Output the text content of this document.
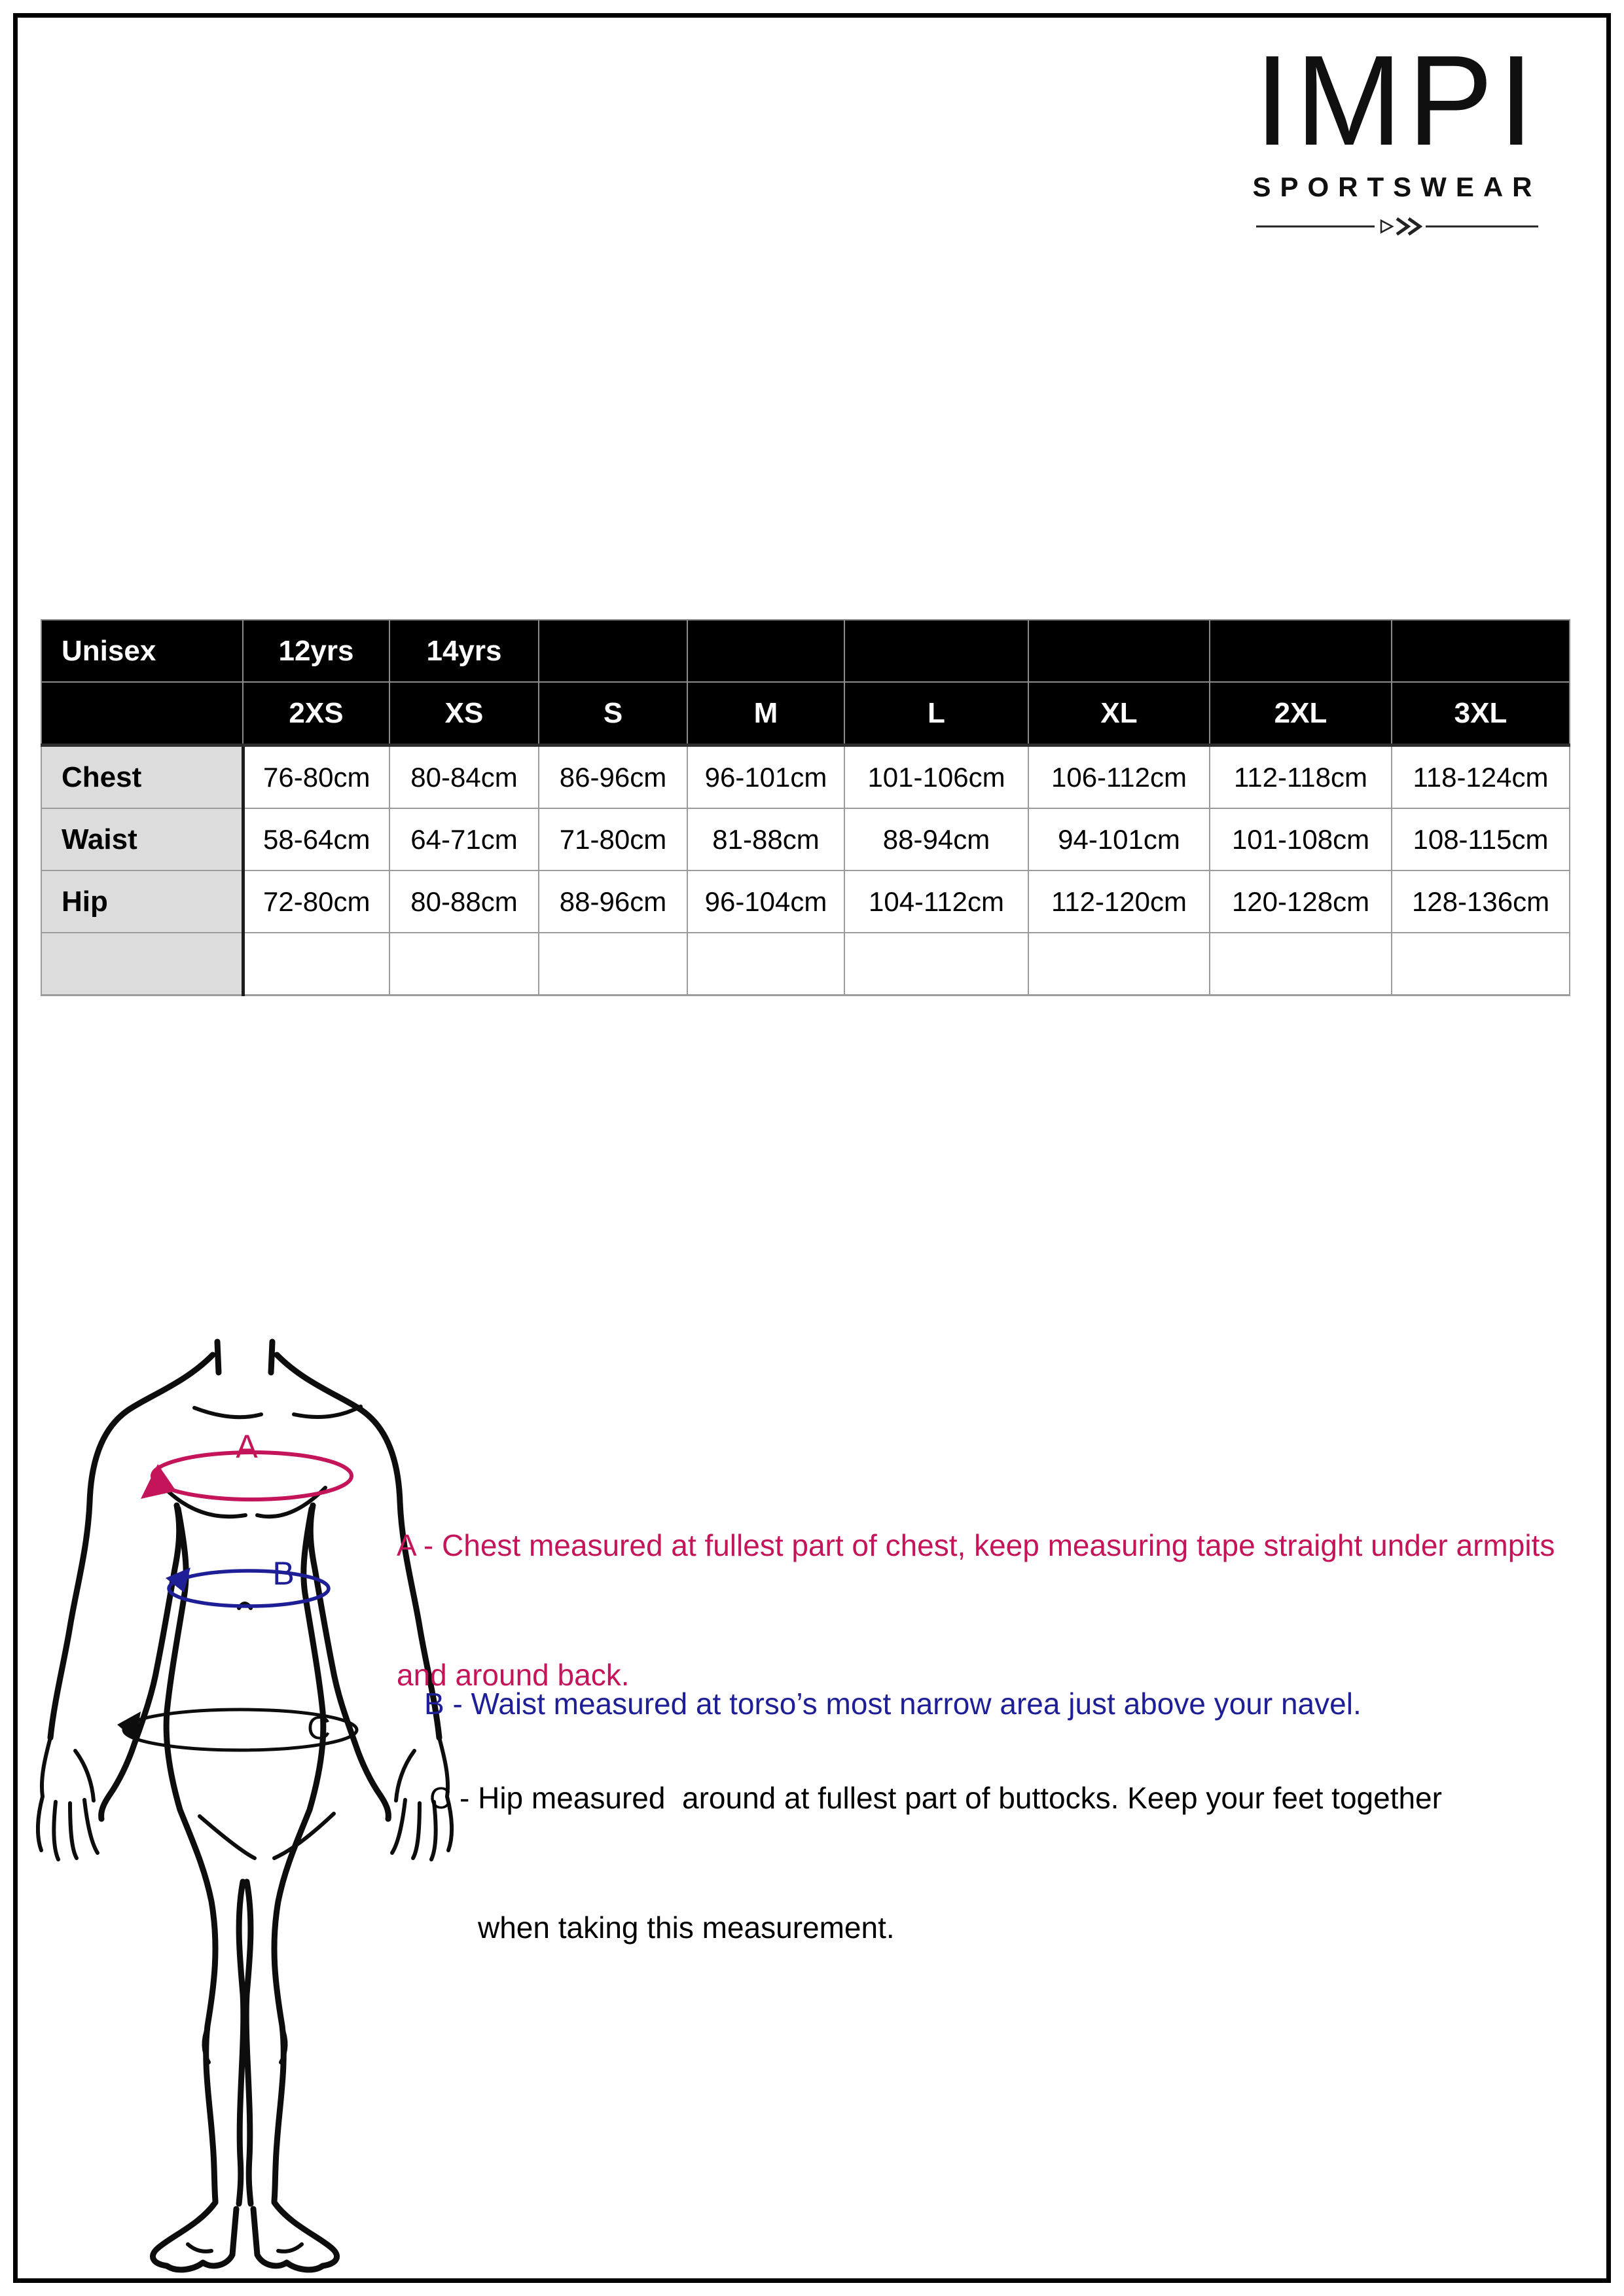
IMPI
SPORTSWEAR
Unisex	12yrs	14yrs						
	2XS	XS	S	M	L	XL	2XL	3XL
Chest	76-80cm	80-84cm	86-96cm	96-101cm	101-106cm	106-112cm	112-118cm	118-124cm
Waist	58-64cm	64-71cm	71-80cm	81-88cm	88-94cm	94-101cm	101-108cm	108-115cm
Hip	72-80cm	80-88cm	88-96cm	96-104cm	104-112cm	112-120cm	120-128cm	128-136cm

A
B
C

A - Chest measured at fullest part of chest, keep measuring tape straight under armpits

and around back.

B - Waist measured at torso’s most narrow area just above your navel.

C - Hip measured  around at fullest part of buttocks. Keep your feet together

when taking this measurement.
